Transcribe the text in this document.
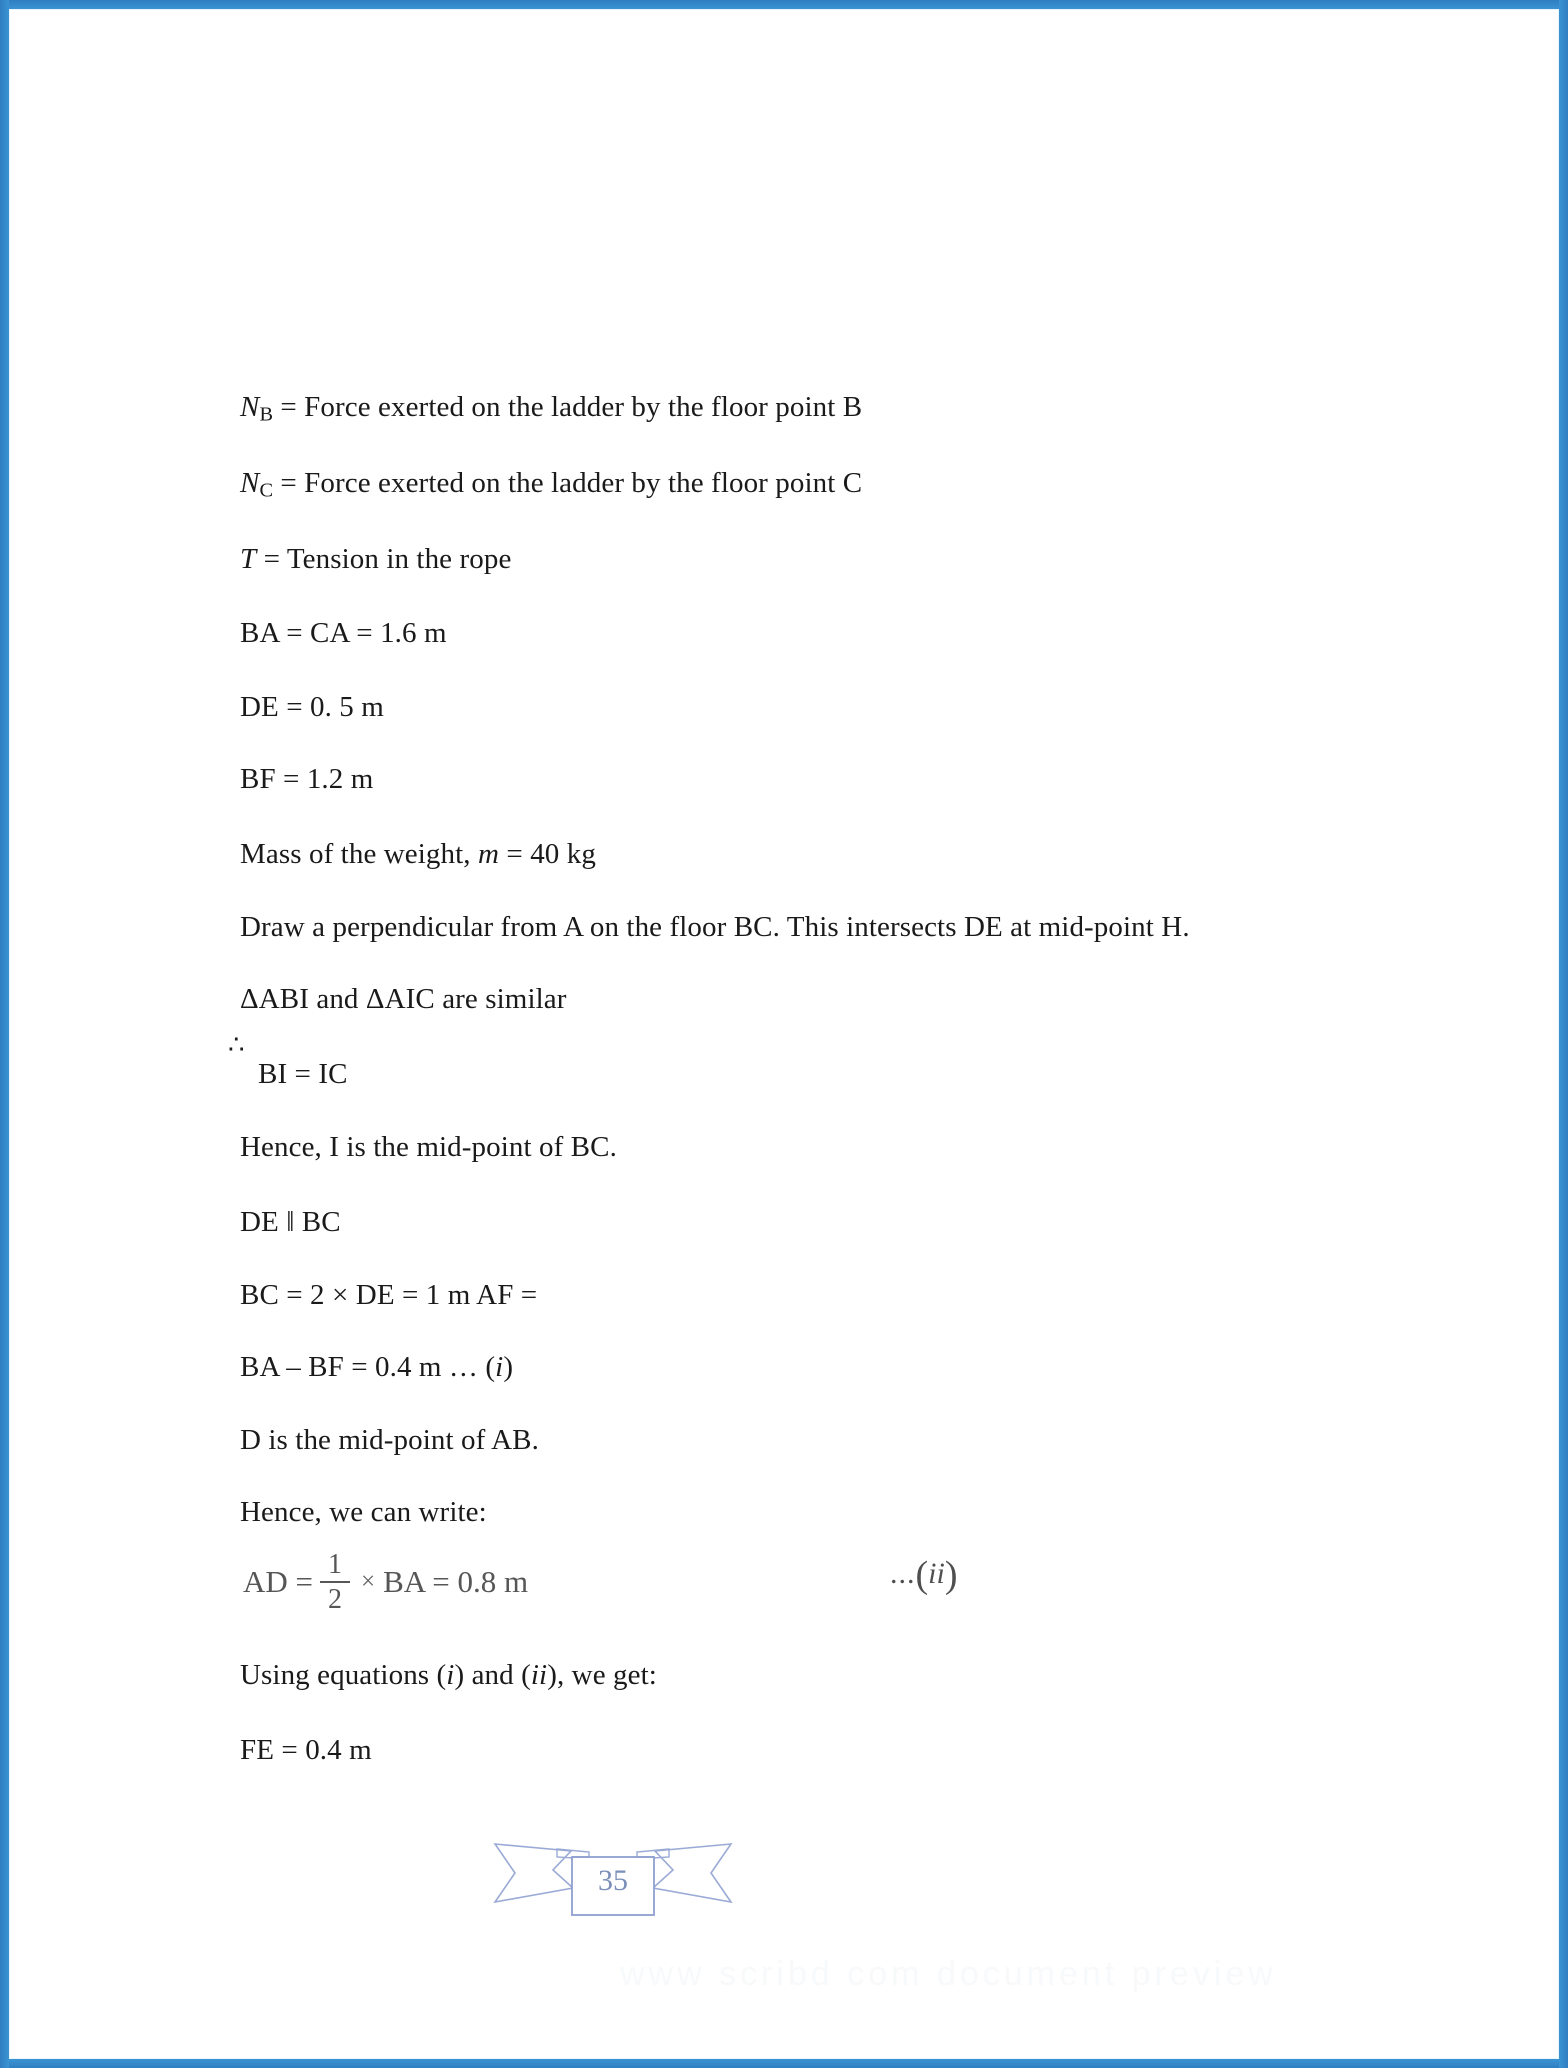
www scribd com document preview
$N_B$ = Force exerted on the ladder by the floor point B
$N_C$ = Force exerted on the ladder by the floor point C
T = Tension in the rope
BA = CA = 1.6 m
DE = 0. 5 m
BF = 1.2 m
Mass of the weight, m = 40 kg
Draw a perpendicular from A on the floor BC. This intersects DE at mid-point H.
ΔABI and ΔAIC are similar
BI = IC
Hence, I is the mid-point of BC.
DE ‖ BC
BC = 2 × DE = 1 m AF =
BA – BF = 0.4 m … (i)
D is the mid-point of AB.
Hence, we can write:
Using equations (i) and (ii), we get:
FE = 0.4 m
∴
AD = $\frac{1}{2}$ × BA = 0.8 m	...(ii)
35
